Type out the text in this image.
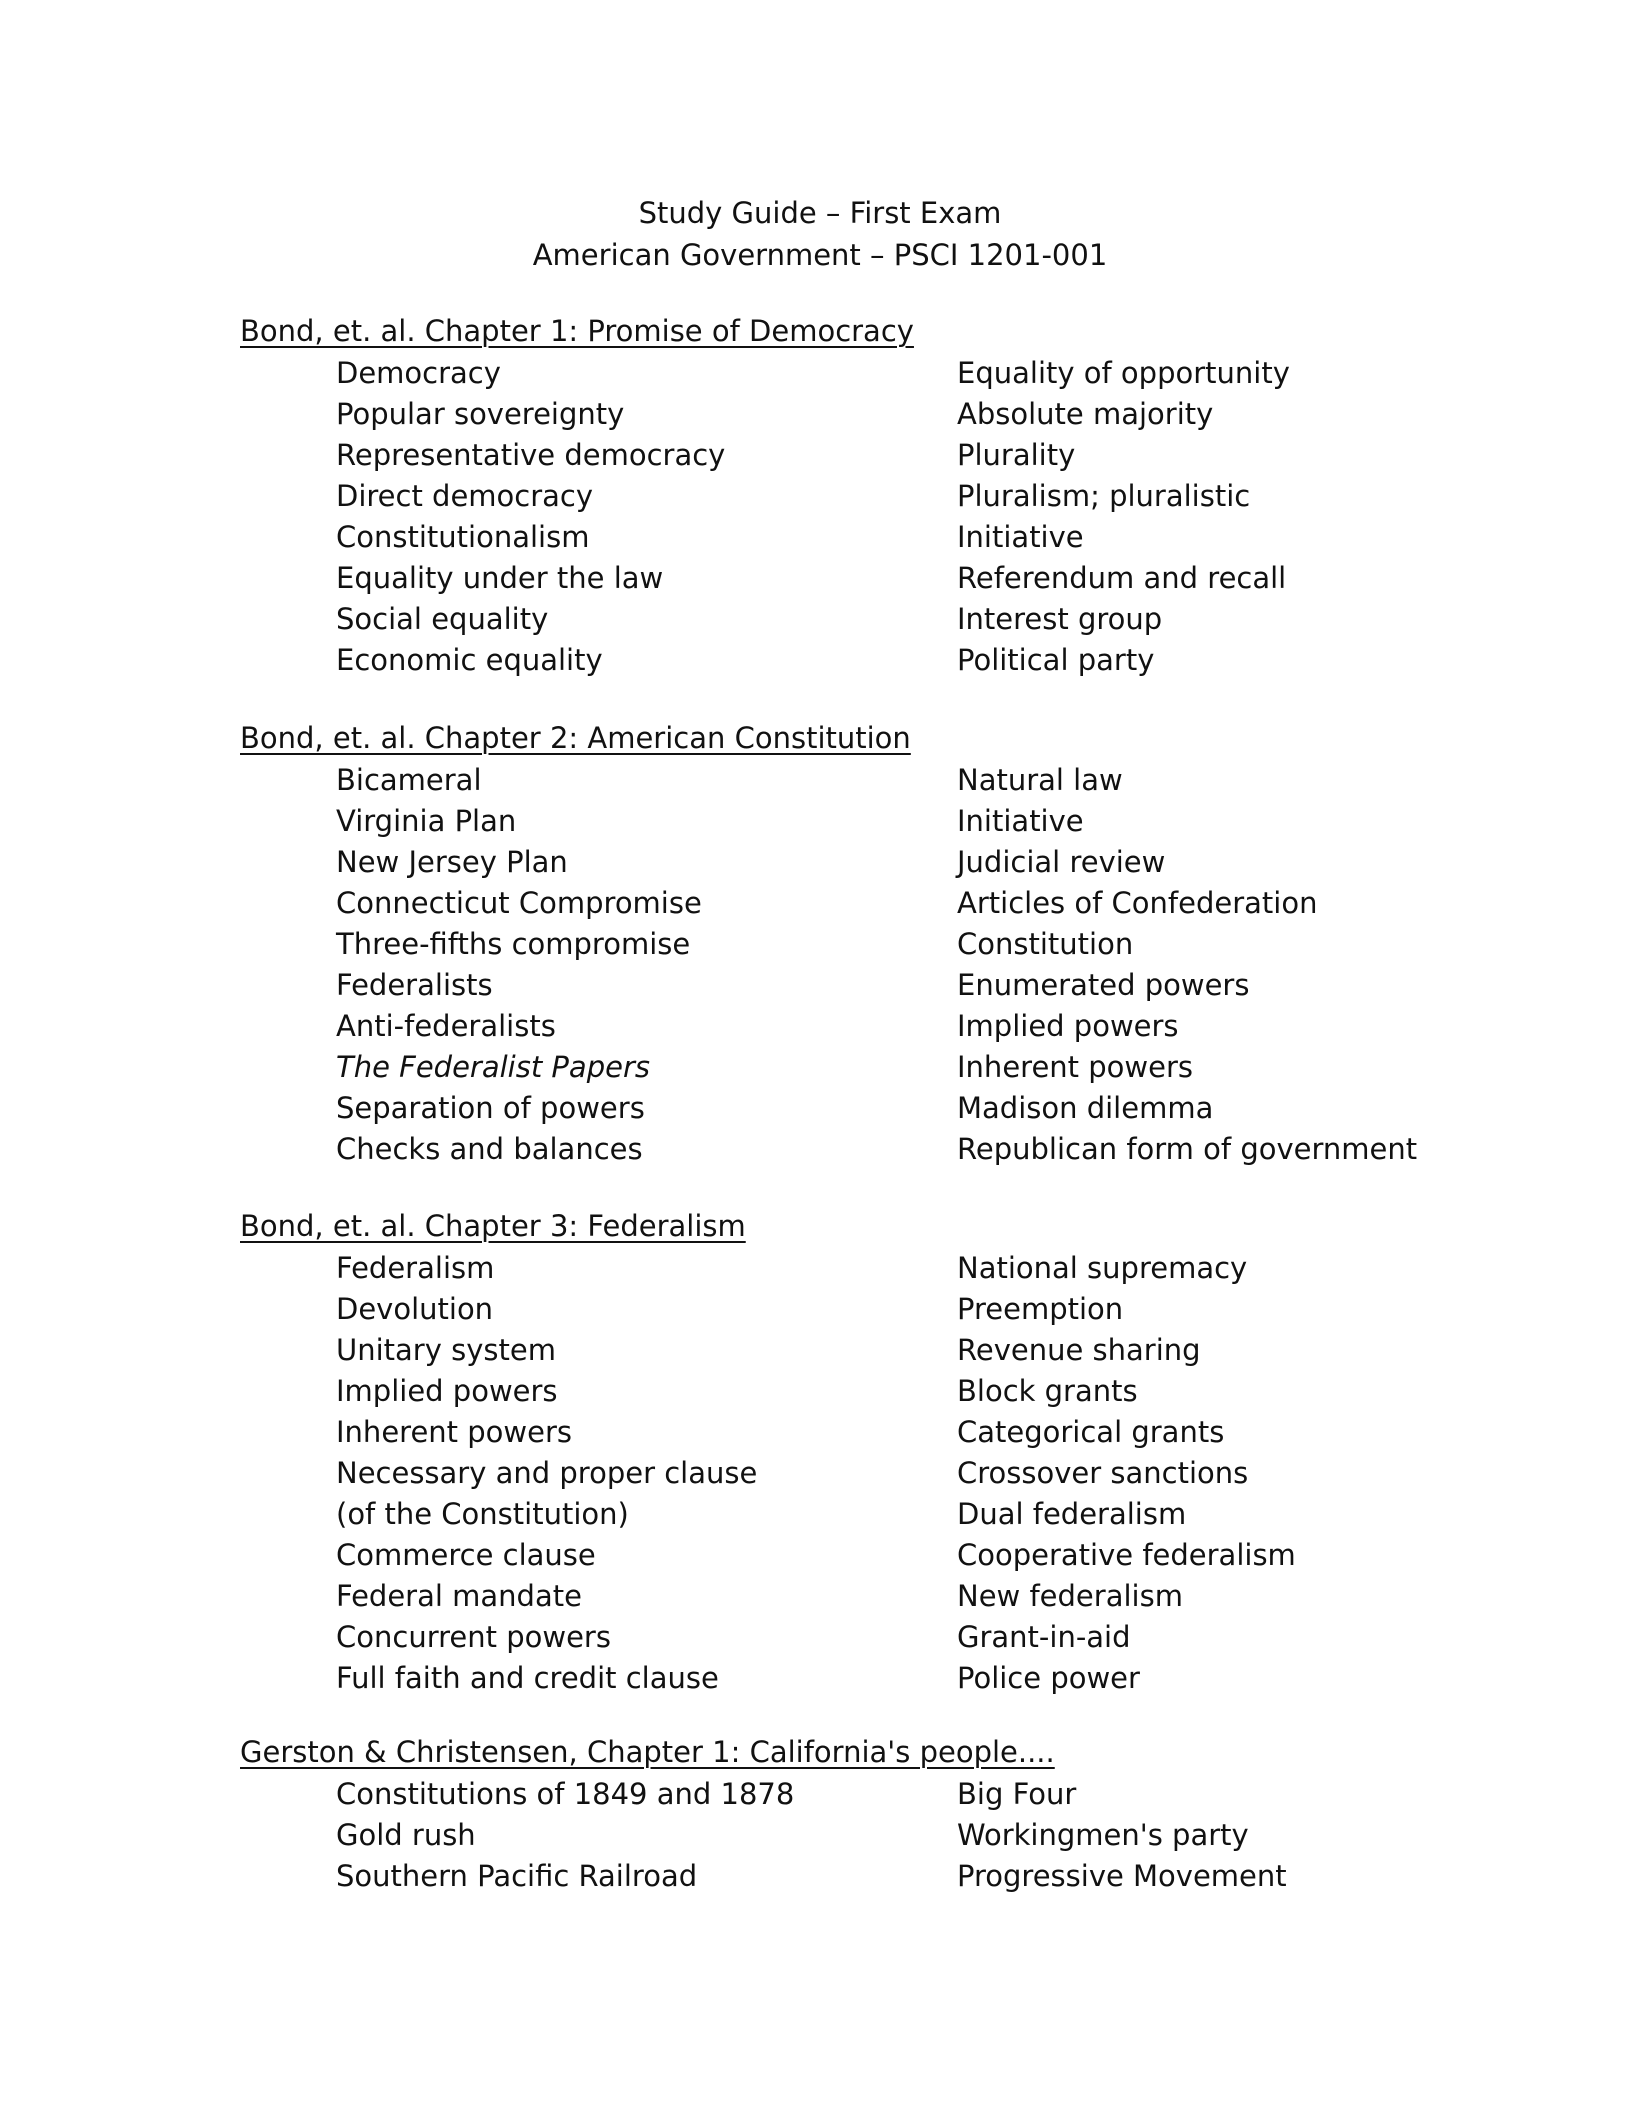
Study Guide – First Exam
American Government – PSCI 1201-001
Bond, et. al. Chapter 1: Promise of Democracy
Democracy
Popular sovereignty
Representative democracy
Direct democracy
Constitutionalism
Equality under the law
Social equality
Economic equality
Equality of opportunity
Absolute majority
Plurality
Pluralism; pluralistic
Initiative
Referendum and recall
Interest group
Political party
Bond, et. al. Chapter 2: American Constitution
Bicameral
Virginia Plan
New Jersey Plan
Connecticut Compromise
Three-fifths compromise
Federalists
Anti-federalists
The Federalist Papers
Separation of powers
Checks and balances
Natural law
Initiative
Judicial review
Articles of Confederation
Constitution
Enumerated powers
Implied powers
Inherent powers
Madison dilemma
Republican form of government
Bond, et. al. Chapter 3: Federalism
Federalism
Devolution
Unitary system
Implied powers
Inherent powers
Necessary and proper clause
(of the Constitution)
Commerce clause
Federal mandate
Concurrent powers
Full faith and credit clause
National supremacy
Preemption
Revenue sharing
Block grants
Categorical grants
Crossover sanctions
Dual federalism
Cooperative federalism
New federalism
Grant-in-aid
Police power
Gerston & Christensen, Chapter 1: California's people....
Constitutions of 1849 and 1878
Gold rush
Southern Pacific Railroad
Big Four
Workingmen's party
Progressive Movement
